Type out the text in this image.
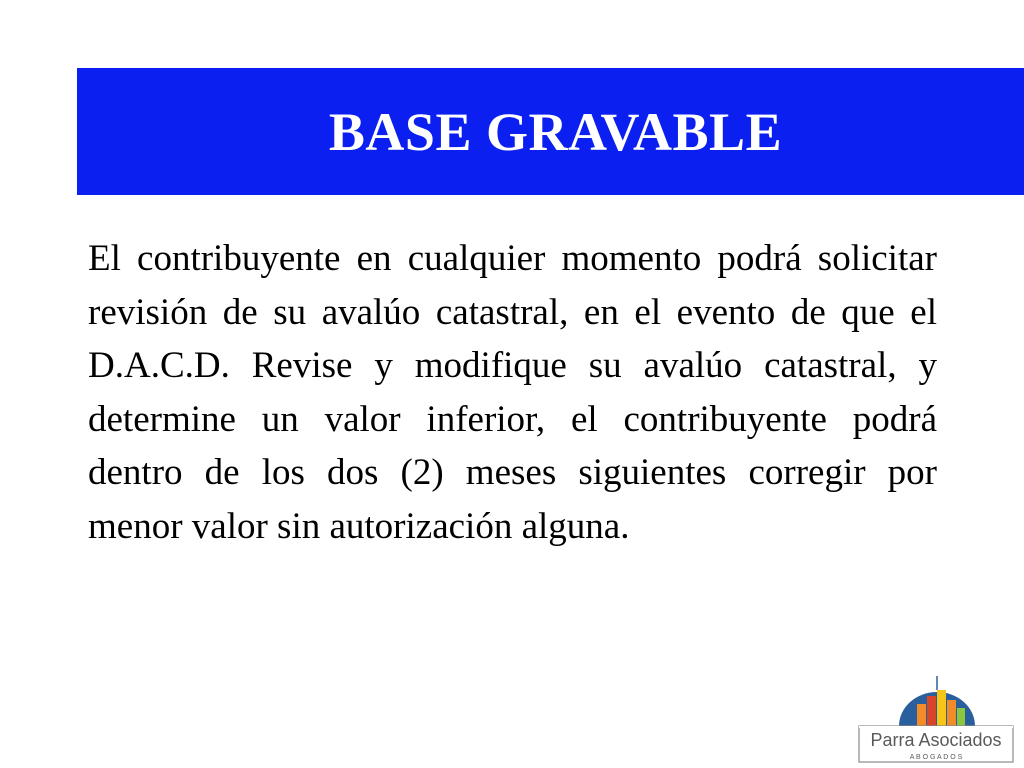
BASE GRAVABLE

El contribuyente en cualquier momento podrá solicitar revisión de su avalúo catastral, en el evento de que el D.A.C.D. Revise y modifique su avalúo catastral, y determine un valor inferior, el contribuyente podrá dentro de los dos (2) meses siguientes corregir por menor valor sin autorización alguna.

Parra Asociados
A B O G A D O S
